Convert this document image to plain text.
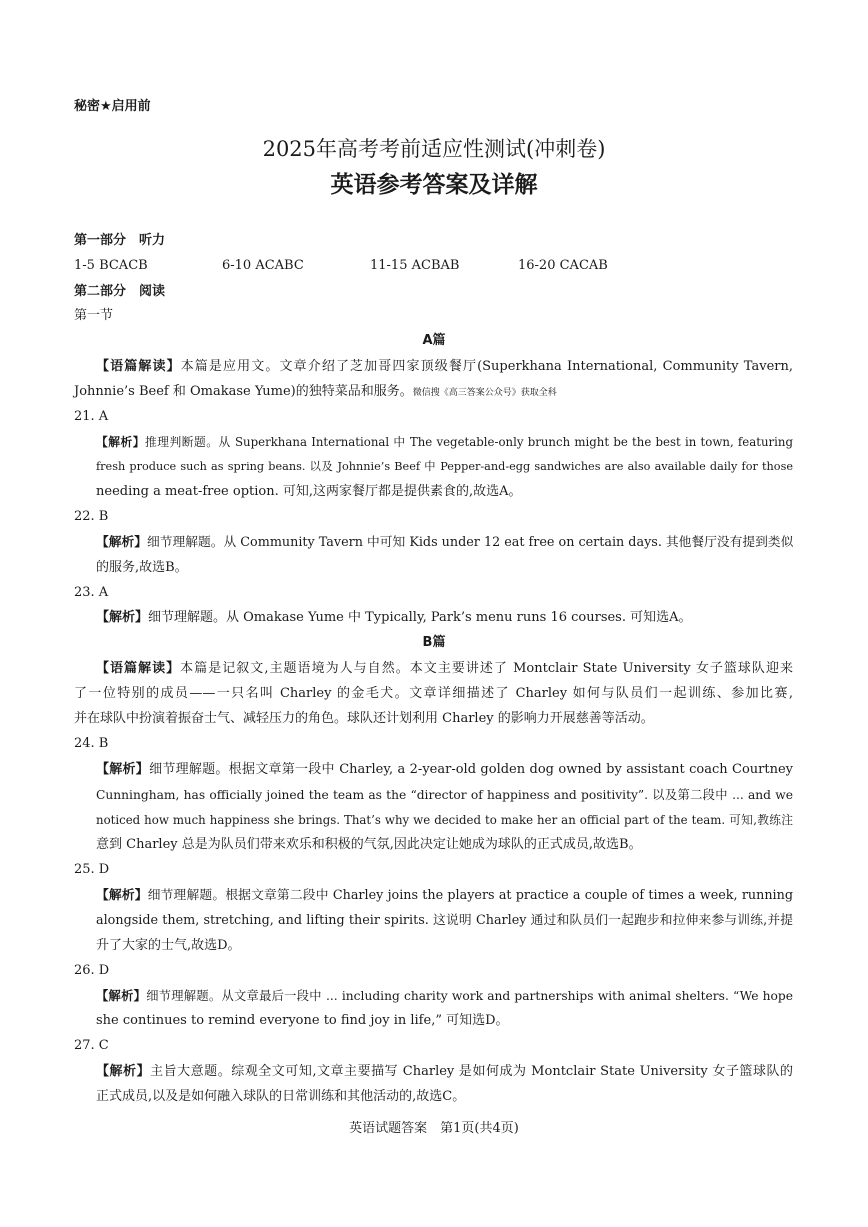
秘密★启用前
2025年高考考前适应性测试(冲刺卷)
英语参考答案及详解
第一部分　听力
1-5 BCACB	6-10 ACABC	11-15 ACBAB	16-20 CACAB
第二部分　阅读
第一节
A篇
【语篇解读】本篇是应用文。文章介绍了芝加哥四家顶级餐厅(Superkhana International, Community Tavern,
Johnnie’s Beef 和 Omakase Yume)的独特菜品和服务。微信搜《高三答案公众号》获取全科
21. A
【解析】推理判断题。从 Superkhana International 中 The vegetable-only brunch might be the best in town, featuring
fresh produce such as spring beans. 以及 Johnnie’s Beef 中 Pepper-and-egg sandwiches are also available daily for those
needing a meat-free option. 可知,这两家餐厅都是提供素食的,故选A。
22. B
【解析】细节理解题。从 Community Tavern 中可知 Kids under 12 eat free on certain days. 其他餐厅没有提到类似
的服务,故选B。
23. A
【解析】细节理解题。从 Omakase Yume 中 Typically, Park’s menu runs 16 courses. 可知选A。
B篇
【语篇解读】本篇是记叙文,主题语境为人与自然。本文主要讲述了 Montclair State University 女子篮球队迎来
了一位特别的成员——一只名叫 Charley 的金毛犬。文章详细描述了 Charley 如何与队员们一起训练、参加比赛,
并在球队中扮演着振奋士气、减轻压力的角色。球队还计划利用 Charley 的影响力开展慈善等活动。
24. B
【解析】细节理解题。根据文章第一段中 Charley, a 2-year-old golden dog owned by assistant coach Courtney
Cunningham, has officially joined the team as the “director of happiness and positivity”. 以及第二段中 ... and we
noticed how much happiness she brings. That’s why we decided to make her an official part of the team. 可知,教练注
意到 Charley 总是为队员们带来欢乐和积极的气氛,因此决定让她成为球队的正式成员,故选B。
25. D
【解析】细节理解题。根据文章第二段中 Charley joins the players at practice a couple of times a week, running
alongside them, stretching, and lifting their spirits. 这说明 Charley 通过和队员们一起跑步和拉伸来参与训练,并提
升了大家的士气,故选D。
26. D
【解析】细节理解题。从文章最后一段中 ... including charity work and partnerships with animal shelters. “We hope
she continues to remind everyone to find joy in life,” 可知选D。
27. C
【解析】主旨大意题。综观全文可知,文章主要描写 Charley 是如何成为 Montclair State University 女子篮球队的
正式成员,以及是如何融入球队的日常训练和其他活动的,故选C。
英语试题答案　第1页(共4页)
